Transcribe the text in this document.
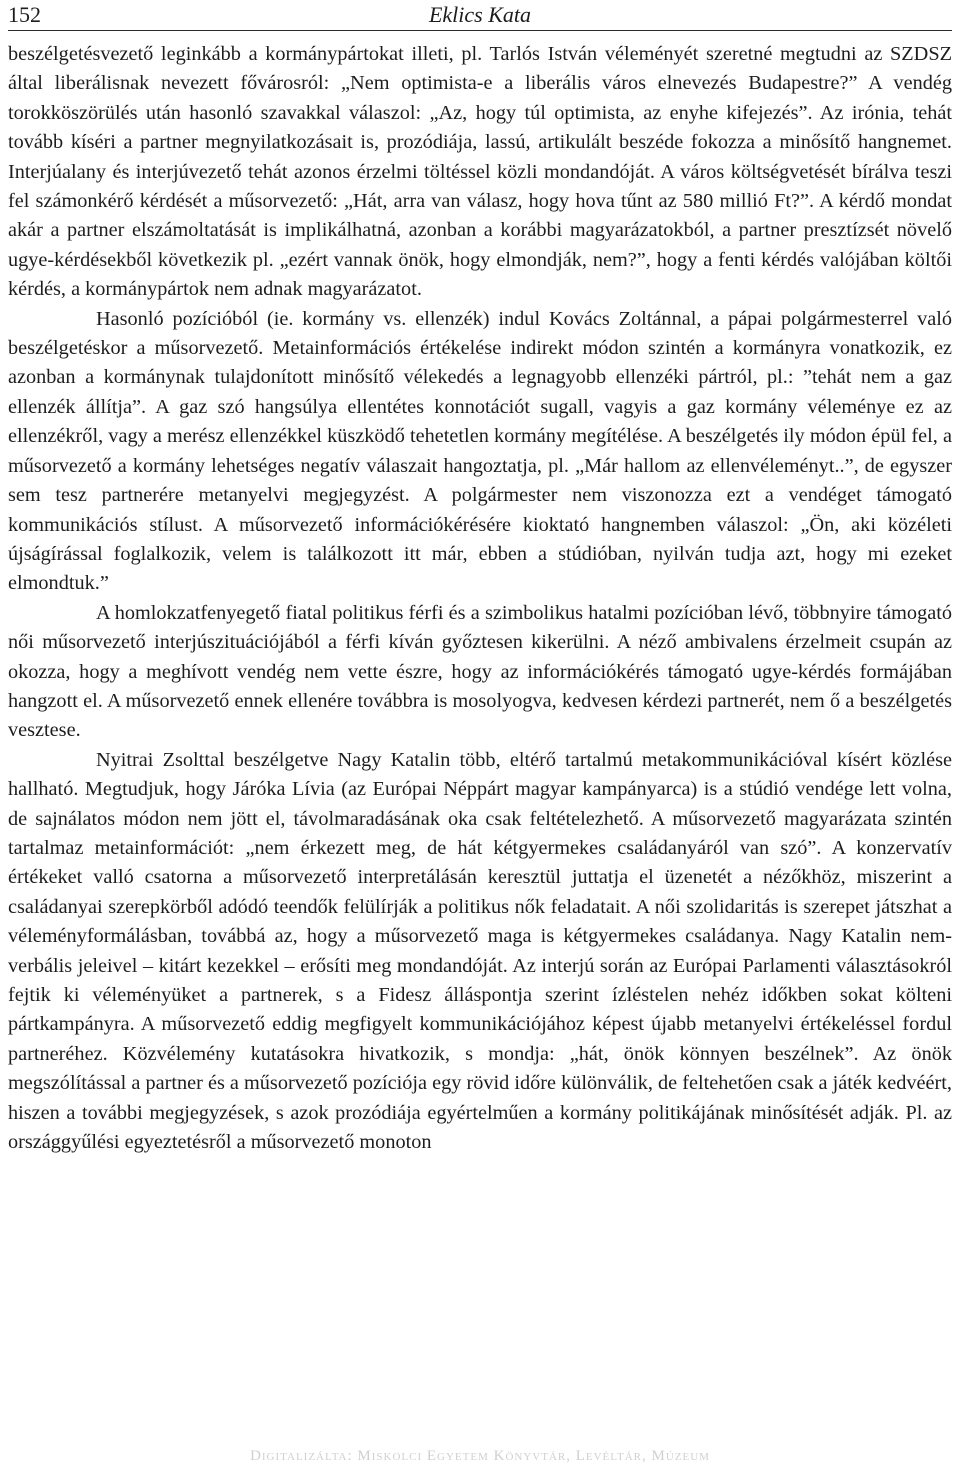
152	Eklics Kata

beszélgetésvezető leginkább a kormánypártokat illeti, pl. Tarlós István véleményét szeretné megtudni az SZDSZ által liberálisnak nevezett fővárosról: „Nem optimista-e a liberális város elnevezés Budapestre?” A vendég torokköszörülés után hasonló szavakkal válaszol: „Az, hogy túl optimista, az enyhe kifejezés”. Az irónia, tehát tovább kíséri a partner megnyilatkozásait is, prozódiája, lassú, artikulált beszéde fokozza a minősítő hangnemet. Interjúalany és interjúvezető tehát azonos érzelmi töltéssel közli mondandóját. A város költségvetését bírálva teszi fel számonkérő kérdését a műsorvezető: „Hát, arra van válasz, hogy hova tűnt az 580 millió Ft?”. A kérdő mondat akár a partner elszámoltatását is implikálhatná, azonban a korábbi magyarázatokból, a partner presztízsét növelő ugye-kérdésekből következik pl. „ezért vannak önök, hogy elmondják, nem?”, hogy a fenti kérdés valójában költői kérdés, a kormánypártok nem adnak magyarázatot.

Hasonló pozícióból (ie. kormány vs. ellenzék) indul Kovács Zoltánnal, a pápai polgármesterrel való beszélgetéskor a műsorvezető. Metainformációs értékelése indirekt módon szintén a kormányra vonatkozik, ez azonban a kormánynak tulajdonított minősítő vélekedés a legnagyobb ellenzéki pártról, pl.: ”tehát nem a gaz ellenzék állítja”. A gaz szó hangsúlya ellentétes konnotációt sugall, vagyis a gaz kormány véleménye ez az ellenzékről, vagy a merész ellenzékkel küszködő tehetetlen kormány megítélése. A beszélgetés ily módon épül fel, a műsorvezető a kormány lehetséges negatív válaszait hangoztatja, pl. „Már hallom az ellenvéleményt..”, de egyszer sem tesz partnerére metanyelvi megjegyzést. A polgármester nem viszonozza ezt a vendéget támogató kommunikációs stílust. A műsorvezető információkérésére kioktató hangnemben válaszol: „Ön, aki közéleti újságírással foglalkozik, velem is találkozott itt már, ebben a stúdióban, nyilván tudja azt, hogy mi ezeket elmondtuk.”

A homlokzatfenyegető fiatal politikus férfi és a szimbolikus hatalmi pozícióban lévő, többnyire támogató női műsorvezető interjúszituációjából a férfi kíván győztesen kikerülni. A néző ambivalens érzelmeit csupán az okozza, hogy a meghívott vendég nem vette észre, hogy az információkérés támogató ugye-kérdés formájában hangzott el. A műsorvezető ennek ellenére továbbra is mosolyogva, kedvesen kérdezi partnerét, nem ő a beszélgetés vesztese.

Nyitrai Zsolttal beszélgetve Nagy Katalin több, eltérő tartalmú metakommunikációval kísért közlése hallható. Megtudjuk, hogy Járóka Lívia (az Európai Néppárt magyar kampányarca) is a stúdió vendége lett volna, de sajnálatos módon nem jött el, távolmaradásának oka csak feltételezhető. A műsorvezető magyarázata szintén tartalmaz metainformációt: „nem érkezett meg, de hát kétgyermekes családanyáról van szó”. A konzervatív értékeket valló csatorna a műsorvezető interpretálásán keresztül juttatja el üzenetét a nézőkhöz, miszerint a családanyai szerepkörből adódó teendők felülírják a politikus nők feladatait. A női szolidaritás is szerepet játszhat a véleményformálásban, továbbá az, hogy a műsorvezető maga is kétgyermekes családanya. Nagy Katalin nem-verbális jeleivel – kitárt kezekkel – erősíti meg mondandóját. Az interjú során az Európai Parlamenti választásokról fejtik ki véleményüket a partnerek, s a Fidesz álláspontja szerint ízléstelen nehéz időkben sokat költeni pártkampányra. A műsorvezető eddig megfigyelt kommunikációjához képest újabb metanyelvi értékeléssel fordul partneréhez. Közvélemény kutatásokra hivatkozik, s mondja: „hát, önök könnyen beszélnek”. Az önök megszólítással a partner és a műsorvezető pozíciója egy rövid időre különválik, de feltehetően csak a játék kedvéért, hiszen a további megjegyzések, s azok prozódiája egyértelműen a kormány politikájának minősítését adják. Pl. az országgyűlési egyeztetésről a műsorvezető monoton

Digitalizálta: Miskolci Egyetem Könyvtár, Levéltár, Múzeum
